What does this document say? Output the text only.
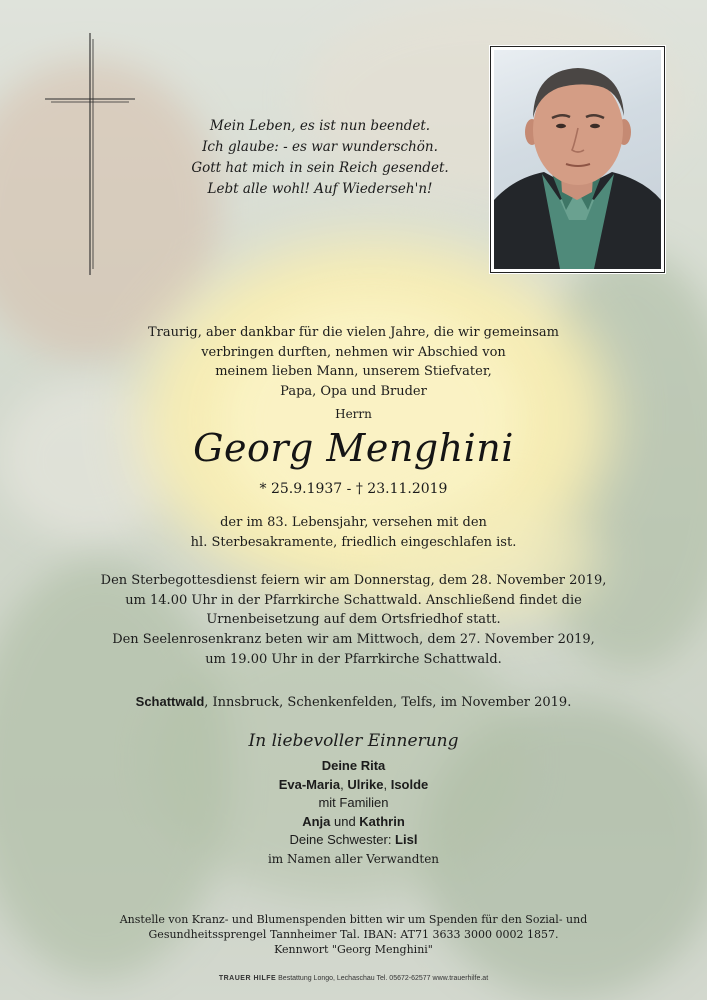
Mein Leben, es ist nun beendet.
Ich glaube: - es war wunderschön.
Gott hat mich in sein Reich gesendet.
Lebt alle wohl! Auf Wiederseh'n!
Traurig, aber dankbar für die vielen Jahre, die wir gemeinsam
verbringen durften, nehmen wir Abschied von
meinem lieben Mann, unserem Stiefvater,
Papa, Opa und Bruder
Herrn
Georg Menghini
* 25.9.1937 - † 23.11.2019
der im 83. Lebensjahr, versehen mit den
hl. Sterbesakramente, friedlich eingeschlafen ist.
Den Sterbegottesdienst feiern wir am Donnerstag, dem 28. November 2019,
um 14.00 Uhr in der Pfarrkirche Schattwald. Anschließend findet die
Urnenbeisetzung auf dem Ortsfriedhof statt.
Den Seelenrosenkranz beten wir am Mittwoch, dem 27. November 2019,
um 19.00 Uhr in der Pfarrkirche Schattwald.
Schattwald, Innsbruck, Schenkenfelden, Telfs, im November 2019.
In liebevoller Einnerung
Deine Rita
Eva-Maria, Ulrike, Isolde
mit Familien
Anja und Kathrin
Deine Schwester: Lisl
im Namen aller Verwandten
Anstelle von Kranz- und Blumenspenden bitten wir um Spenden für den Sozial- und
Gesundheitssprengel Tannheimer Tal. IBAN: AT71 3633 3000 0002 1857.
Kennwort "Georg Menghini"
TRAUER HILFE Bestattung Longo, Lechaschau Tel. 05672-62577 www.trauerhilfe.at
